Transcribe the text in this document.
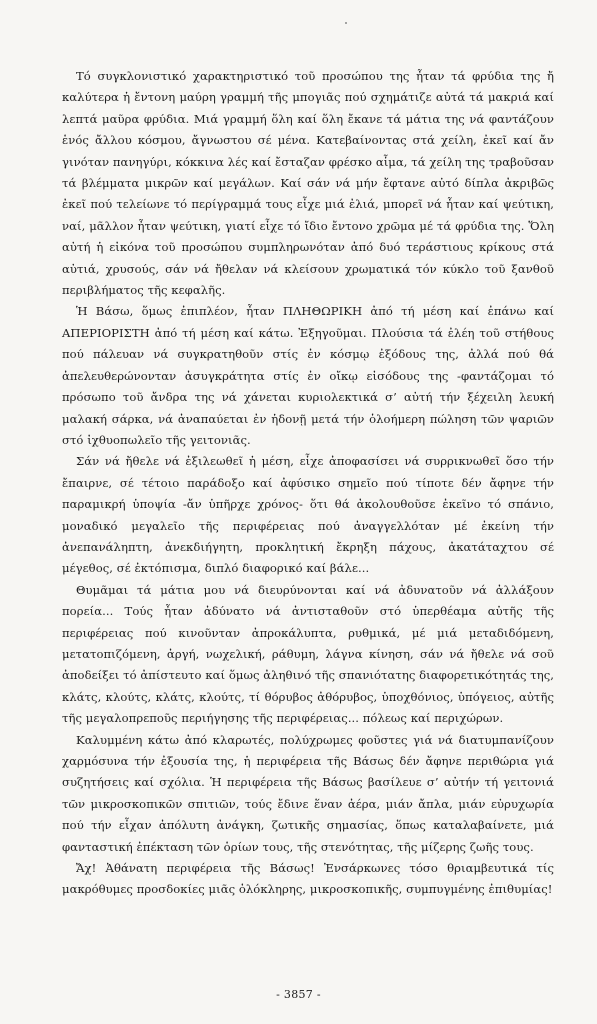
Τό συγκλονιστικό χαρακτηριστικό τοῦ προσώπου της ἦταν τά φρύδια της ἤ καλύτερα ἡ ἔντονη μαύρη γραμμή τῆς μπογιᾶς πού σχημάτιζε αὐτά τά μακριά καί λεπτά μαῦρα φρύδια. Μιά γραμμή ὅλη καί ὅλη ἔκανε τά μάτια της νά φαντάζουν ἑνός ἄλλου κόσμου, ἄγνωστου σέ μένα. Κατεβαίνοντας στά χείλη, ἐκεῖ καί ἄν γινόταν πανηγύρι, κόκκινα λές καί ἔσταζαν φρέσκο αἷμα, τά χείλη της τραβοῦσαν τά βλέμματα μικρῶν καί μεγάλων. Καί σάν νά μήν ἔφτανε αὐτό δίπλα ἀκριβῶς ἐκεῖ πού τελείωνε τό περίγραμμά τους εἶχε μιά ἐλιά, μπορεῖ νά ἦταν καί ψεύτικη, ναί, μᾶλλον ἦταν ψεύτικη, γιατί εἶχε τό ἴδιο ἔντονο χρῶμα μέ τά φρύδια της. Ὅλη αὐτή ἡ εἰκόνα τοῦ προσώπου συμπληρωνόταν ἀπό δυό τεράστιους κρίκους στά αὐτιά, χρυσούς, σάν νά ἤθελαν νά κλείσουν χρωματικά τόν κύκλο τοῦ ξανθοῦ περιβλήματος τῆς κεφαλῆς.

Ἡ Βάσω, ὅμως ἐπιπλέον, ἦταν ΠΛΗΘΩΡΙΚΗ ἀπό τή μέση καί ἐπάνω καί ΑΠΕΡΙΟΡΙΣΤΗ ἀπό τή μέση καί κάτω. Ἐξηγοῦμαι. Πλούσια τά ἐλέη τοῦ στήθους πού πάλευαν νά συγκρατηθοῦν στίς ἐν κόσμῳ ἐξόδους της, ἀλλά πού θά ἀπελευθερώνονταν ἀσυγκράτητα στίς ἐν οἴκῳ εἰσόδους της -φαντάζομαι τό πρόσωπο τοῦ ἄνδρα της νά χάνεται κυριολεκτικά σ’ αὐτή τήν ξέχειλη λευκή μαλακή σάρκα, νά ἀναπαύεται ἐν ἡδονῇ μετά τήν ὁλοήμερη πώληση τῶν ψαριῶν στό ἰχθυοπωλεῖο τῆς γειτονιᾶς.

Σάν νά ἤθελε νά ἐξιλεωθεῖ ἡ μέση, εἶχε ἀποφασίσει νά συρρικνωθεῖ ὅσο τήν ἔπαιρνε, σέ τέτοιο παράδοξο καί ἀφύσικο σημεῖο πού τίποτε δέν ἄφηνε τήν παραμικρή ὑποψία -ἄν ὑπῆρχε χρόνος- ὅτι θά ἀκολουθοῦσε ἐκεῖνο τό σπάνιο, μοναδικό μεγαλεῖο τῆς περιφέρειας πού ἀναγγελλόταν μέ ἐκείνη τήν ἀνεπανάληπτη, ἀνεκδιήγητη, προκλητική ἔκρηξη πάχους, ἀκατάταχτου σέ μέγεθος, σέ ἐκτόπισμα, διπλό διαφορικό καί βάλε...

Θυμᾶμαι τά μάτια μου νά διευρύνονται καί νά ἀδυνατοῦν νά ἀλλάξουν πορεία... Τούς ἦταν ἀδύνατο νά ἀντισταθοῦν στό ὑπερθέαμα αὐτῆς τῆς περιφέρειας πού κινοῦνταν ἀπροκάλυπτα, ρυθμικά, μέ μιά μεταδιδόμενη, μετατοπιζόμενη, ἀργή, νωχελική, ράθυμη, λάγνα κίνηση, σάν νά ἤθελε νά σοῦ ἀποδείξει τό ἀπίστευτο καί ὅμως ἀληθινό τῆς σπανιότατης διαφορετικότητάς της, κλάτς, κλούτς, κλάτς, κλούτς, τί θόρυβος ἀθόρυβος, ὑποχθόνιος, ὑπόγειος, αὐτῆς τῆς μεγαλοπρεποῦς περιήγησης τῆς περιφέρειας... πόλεως καί περιχώρων.

Καλυμμένη κάτω ἀπό κλαρωτές, πολύχρωμες φοῦστες γιά νά διατυμπανίζουν χαρμόσυνα τήν ἐξουσία της, ἡ περιφέρεια τῆς Βάσως δέν ἄφηνε περιθώρια γιά συζητήσεις καί σχόλια. Ἡ περιφέρεια τῆς Βάσως βασίλευε σ’ αὐτήν τή γειτονιά τῶν μικροσκοπικῶν σπιτιῶν, τούς ἔδινε ἕναν ἀέρα, μιάν ἄπλα, μιάν εὐρυχωρία πού τήν εἶχαν ἀπόλυτη ἀνάγκη, ζωτικῆς σημασίας, ὅπως καταλαβαίνετε, μιά φανταστική ἐπέκταση τῶν ὁρίων τους, τῆς στενότητας, τῆς μίζερης ζωῆς τους.

Ἄχ! Ἀθάνατη περιφέρεια τῆς Βάσως! Ἐνσάρκωνες τόσο θριαμβευτικά τίς μακρόθυμες προσδοκίες μιᾶς ὁλόκληρης, μικροσκοπικῆς, συμπυγμένης ἐπιθυμίας!

- 3857 -
